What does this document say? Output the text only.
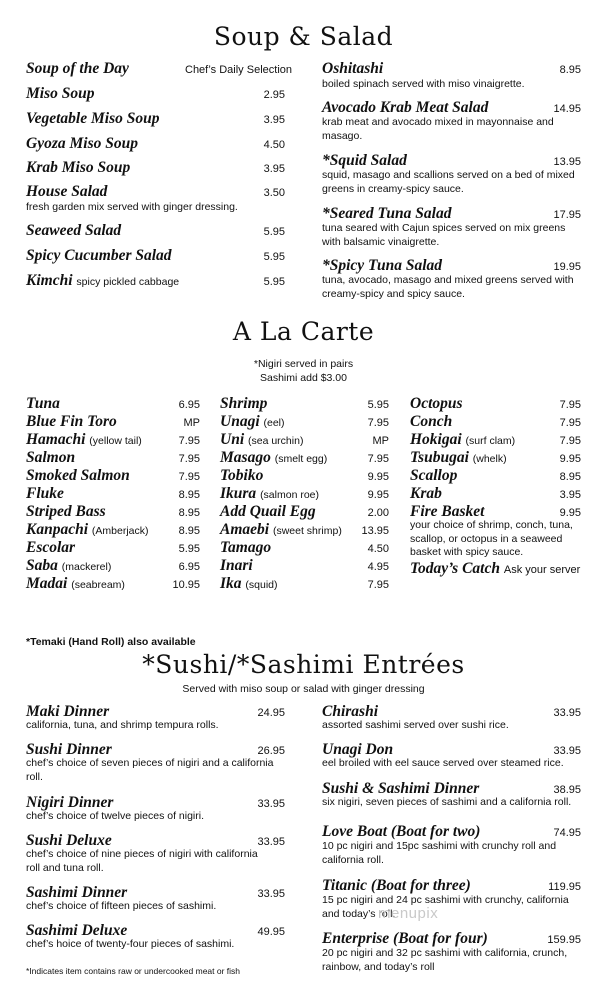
Soup & Salad
Soup of the Day	Chef’s Daily Selection
Miso Soup	2.95
Vegetable Miso Soup	3.95
Gyoza Miso Soup	4.50
Krab Miso Soup	3.95
House Salad	3.50
fresh garden mix served with ginger dressing.
Seaweed Salad	5.95
Spicy Cucumber Salad	5.95
Kimchi spicy pickled cabbage	5.95
Oshitashi	8.95
boiled spinach served with miso vinaigrette.
Avocado Krab Meat Salad	14.95
krab meat and avocado mixed in mayonnaise and masago.
*Squid Salad	13.95
squid, masago and scallions served on a bed of mixed greens in creamy-spicy sauce.
*Seared Tuna Salad	17.95
tuna seared with Cajun spices served on mix greens with balsamic vinaigrette.
*Spicy Tuna Salad	19.95
tuna, avocado, masago and mixed greens served with creamy-spicy and spicy sauce.
A La Carte
*Nigiri served in pairs
Sashimi add $3.00
Tuna	6.95
Blue Fin Toro	MP
Hamachi (yellow tail)	7.95
Salmon	7.95
Smoked Salmon	7.95
Fluke	8.95
Striped Bass	8.95
Kanpachi (Amberjack)	8.95
Escolar	5.95
Saba (mackerel)	6.95
Madai (seabream)	10.95
Shrimp	5.95
Unagi (eel)	7.95
Uni (sea urchin)	MP
Masago (smelt egg)	7.95
Tobiko	9.95
Ikura (salmon roe)	9.95
Add Quail Egg	2.00
Amaebi (sweet shrimp) 13.95
Tamago	4.50
Inari	4.95
Ika (squid)	7.95
Octopus	7.95
Conch	7.95
Hokigai (surf clam)	7.95
Tsubugai (whelk)	9.95
Scallop	8.95
Krab	3.95
Fire Basket	9.95
your choice of shrimp, conch, tuna, scallop, or octopus in a seaweed basket with spicy sauce.
Today’s Catch Ask your server
*Temaki (Hand Roll) also available
*Sushi/*Sashimi Entrées
Served with miso soup or salad with ginger dressing
Maki Dinner	24.95
california, tuna, and shrimp tempura rolls.
Sushi Dinner	26.95
chef’s choice of seven pieces of nigiri and a california roll.
Nigiri Dinner	33.95
chef’s choice of twelve pieces of nigiri.
Sushi Deluxe	33.95
chef’s choice of nine pieces of nigiri with california roll and tuna roll.
Sashimi Dinner	33.95
chef’s choice of fifteen pieces of sashimi.
Sashimi Deluxe	49.95
chef’s hoice of twenty-four pieces of sashimi.
Chirashi	33.95
assorted sashimi served over sushi rice.
Unagi Don	33.95
eel broiled with eel sauce served over steamed rice.
Sushi & Sashimi Dinner	38.95
six nigiri, seven pieces of sashimi and a california roll.
Love Boat (Boat for two)	74.95
10 pc nigiri and 15pc sashimi with crunchy roll and california roll.
Titanic (Boat for three)	119.95
15 pc nigiri and 24 pc sashimi with crunchy, california and today’s roll.
Enterprise (Boat for four)	159.95
20 pc nigiri and 32 pc sashimi with california, crunch, rainbow, and today’s roll
*Indicates item contains raw or undercooked meat or fish
menupix
